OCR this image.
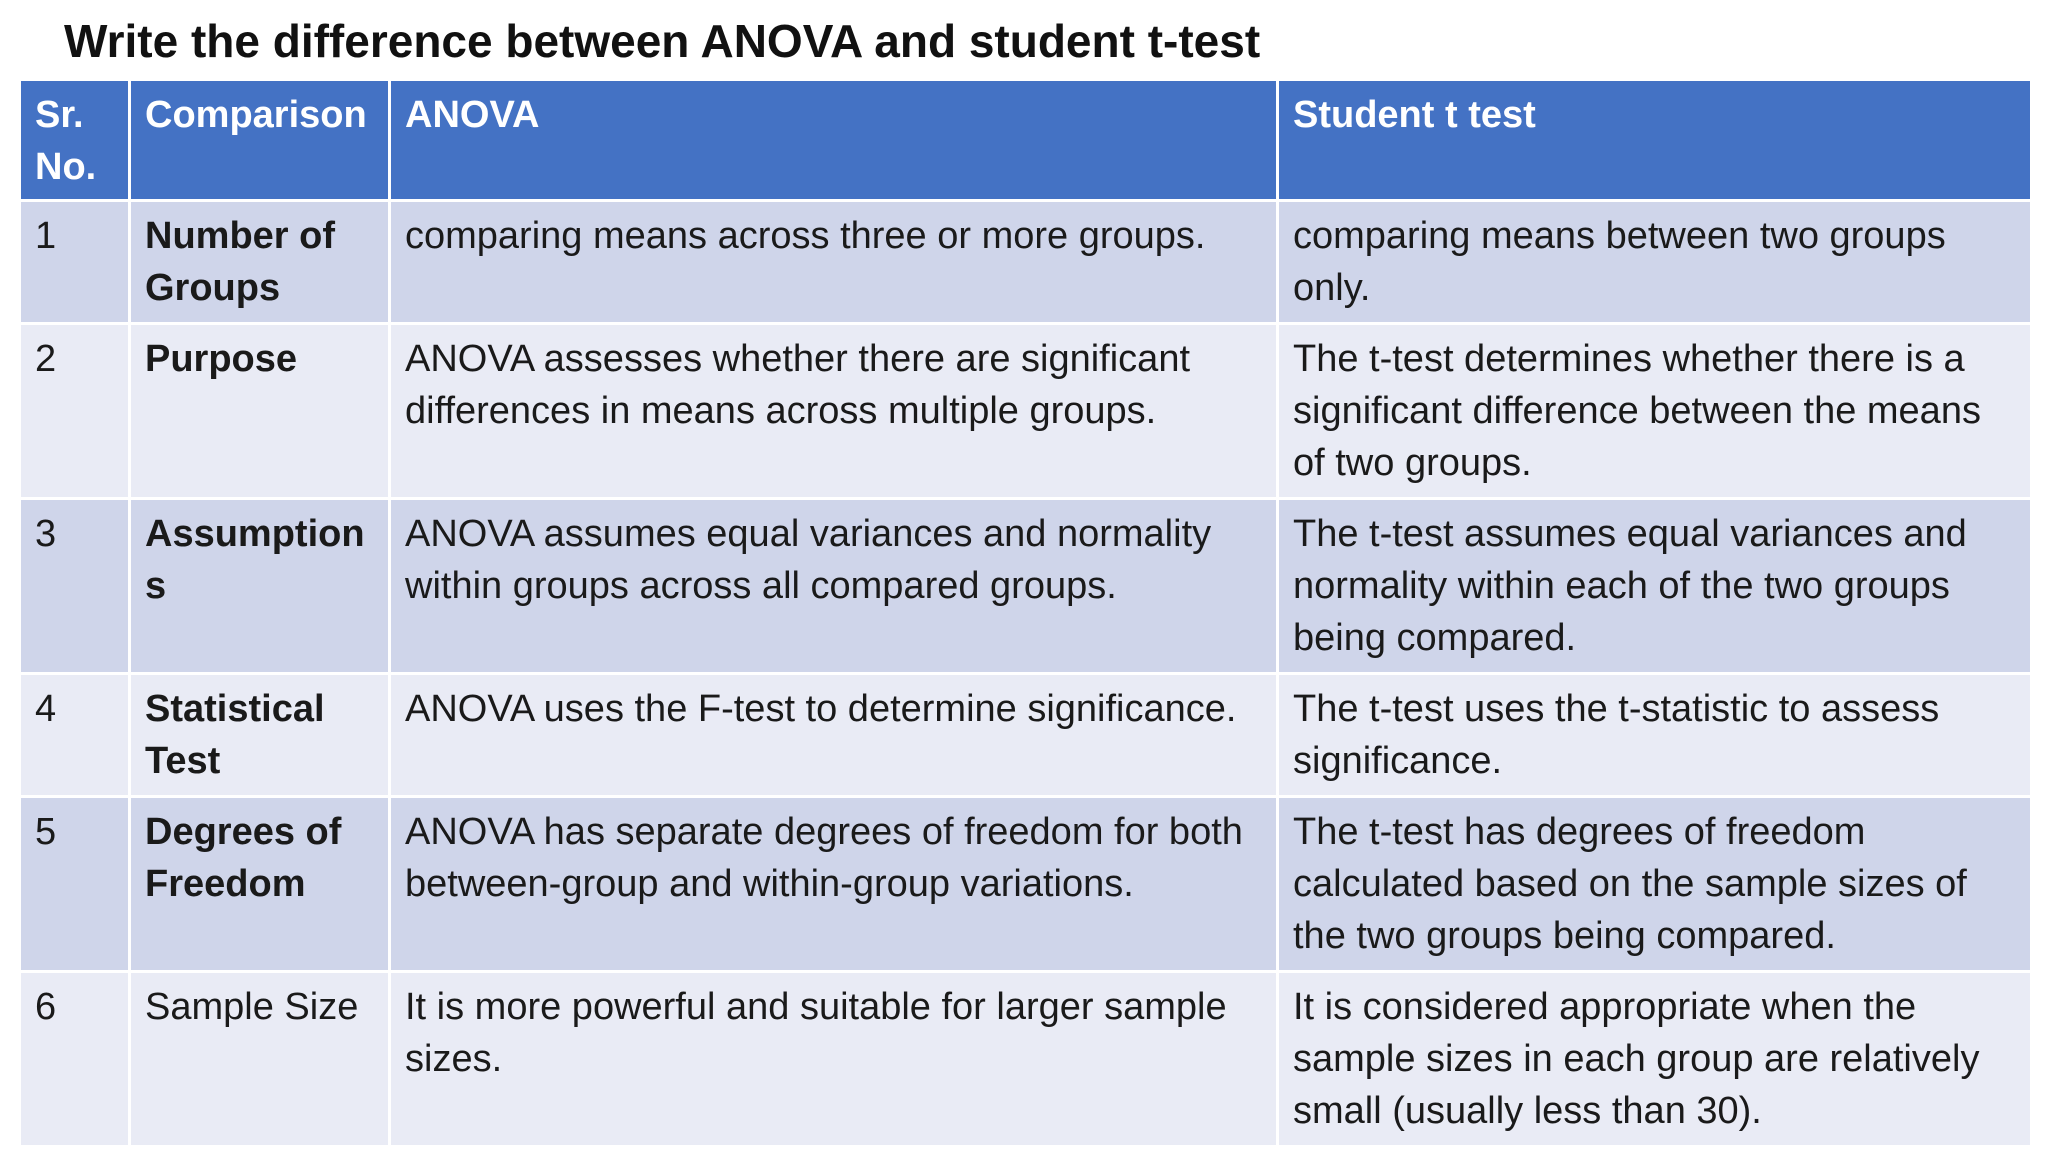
Write the difference between ANOVA and student t-test
Sr.
No.	Comparison	ANOVA	Student t test
1	Number of Groups	comparing means across three or more groups.	comparing means between two groups only.
2	Purpose	ANOVA assesses whether there are significant differences in means across multiple groups.	The t-test determines whether there is a significant difference between the means of two groups.
3	Assumptions	ANOVA assumes equal variances and normality within groups across all compared groups.	The t-test assumes equal variances and normality within each of the two groups being compared.
4	Statistical Test	ANOVA uses the F-test to determine significance.	The t-test uses the t-statistic to assess significance.
5	Degrees of Freedom	ANOVA has separate degrees of freedom for both between-group and within-group variations.	The t-test has degrees of freedom calculated based on the sample sizes of the two groups being compared.
6	Sample Size	It is more powerful and suitable for larger sample sizes.	It is considered appropriate when the sample sizes in each group are relatively small (usually less than 30).
